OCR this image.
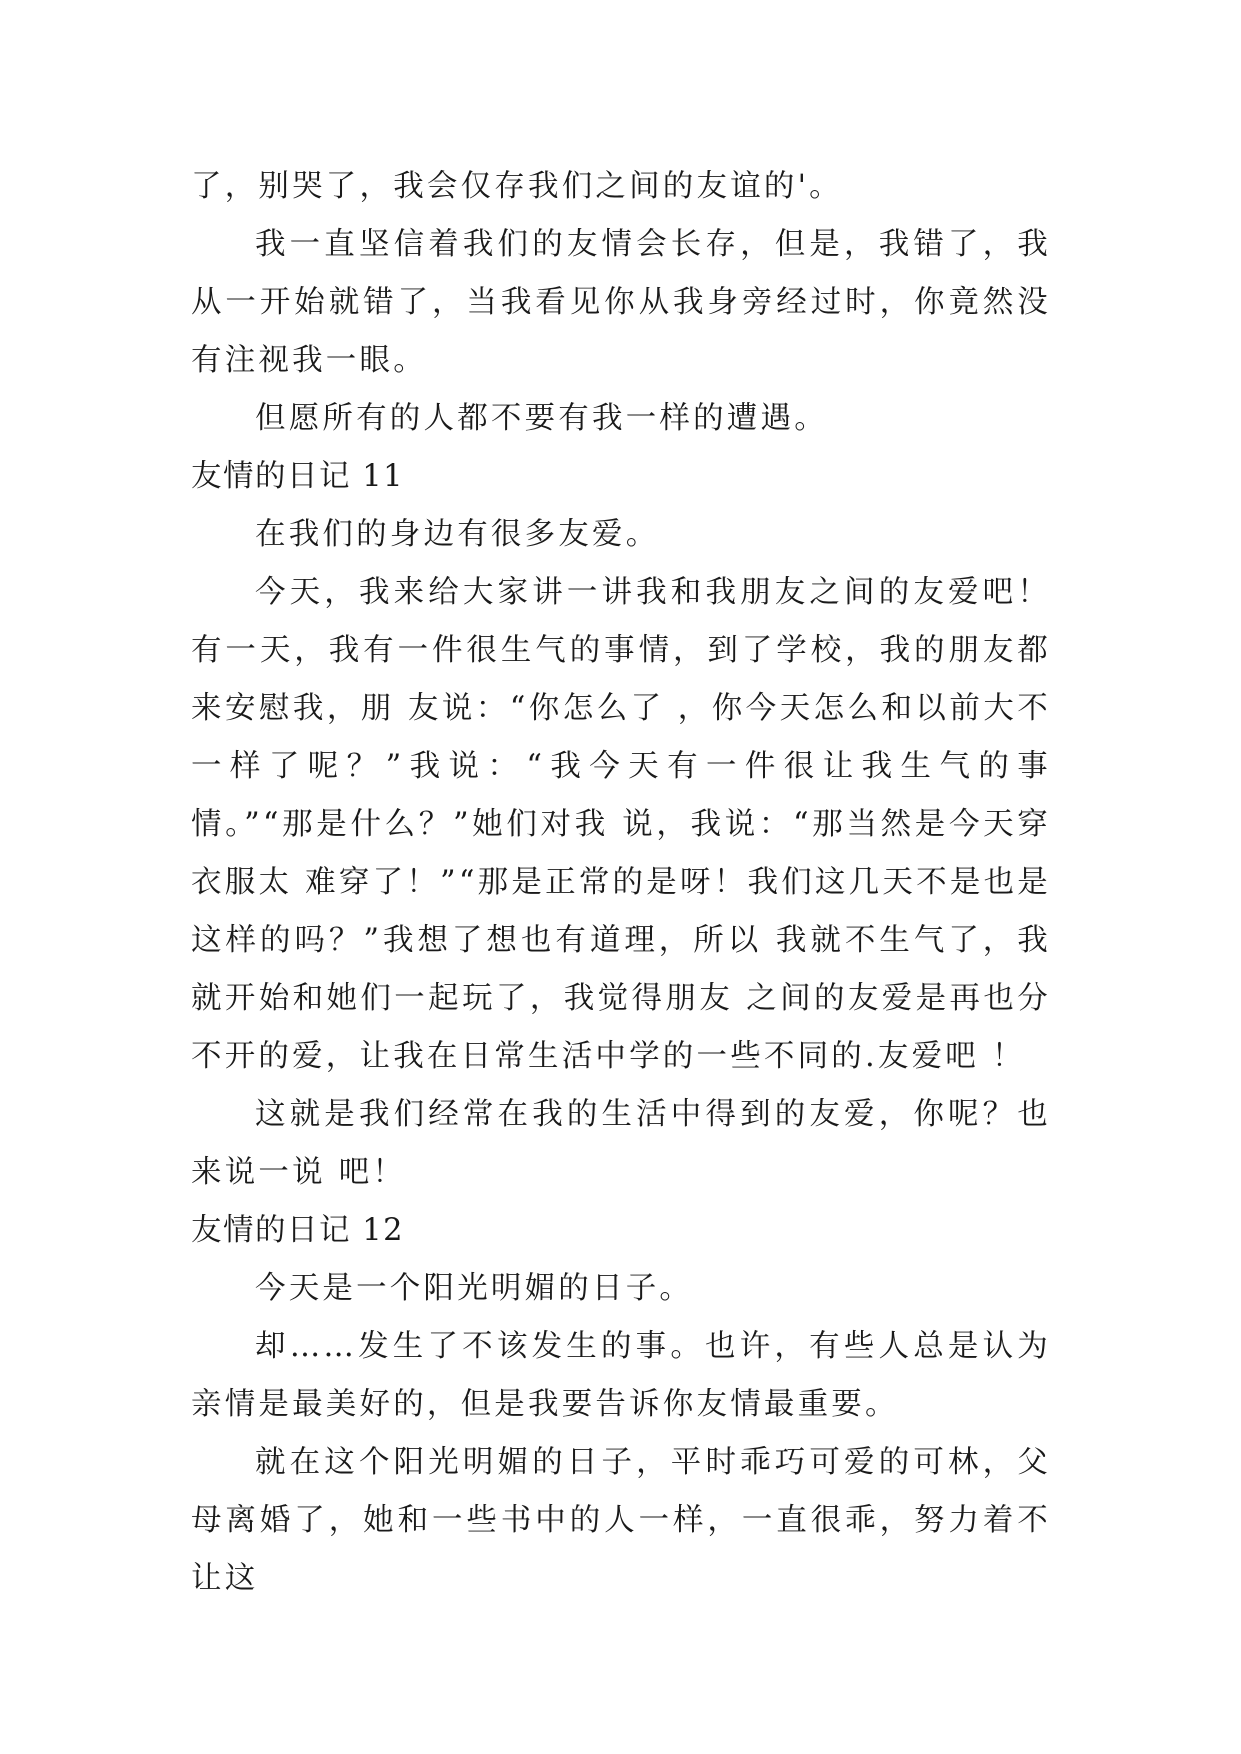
了，别哭了，我会仅存我们之间的友谊的'。

我一直坚信着我们的友情会长存，但是，我错了，我从一开始就错了，当我看见你从我身旁经过时，你竟然没有注视我一眼。

但愿所有的人都不要有我一样的遭遇。

友情的日记 11

在我们的身边有很多友爱。

今天，我来给大家讲一讲我和我朋友之间的友爱吧！有一天，我有一件很生气的事情，到了学校，我的朋友都来安慰我，朋 友说：“你怎么了 ，你今天怎么和以前大不一样了呢？”我说：“我今天有一件很让我生气的事情。”“那是什么？”她们对我 说，我说：“那当然是今天穿衣服太 难穿了！”“那是正常的是呀！我们这几天不是也是这样的吗？”我想了想也有道理，所以 我就不生气了，我就开始和她们一起玩了，我觉得朋友 之间的友爱是再也分不开的爱，让我在日常生活中学的一些不同的.友爱吧 ！

这就是我们经常在我的生活中得到的友爱，你呢？也来说一说 吧！

友情的日记 12

今天是一个阳光明媚的日子。

却……发生了不该发生的事。也许，有些人总是认为亲情是最美好的，但是我要告诉你友情最重要。

就在这个阳光明媚的日子，平时乖巧可爱的可林，父母离婚了，她和一些书中的人一样，一直很乖，努力着不让这
